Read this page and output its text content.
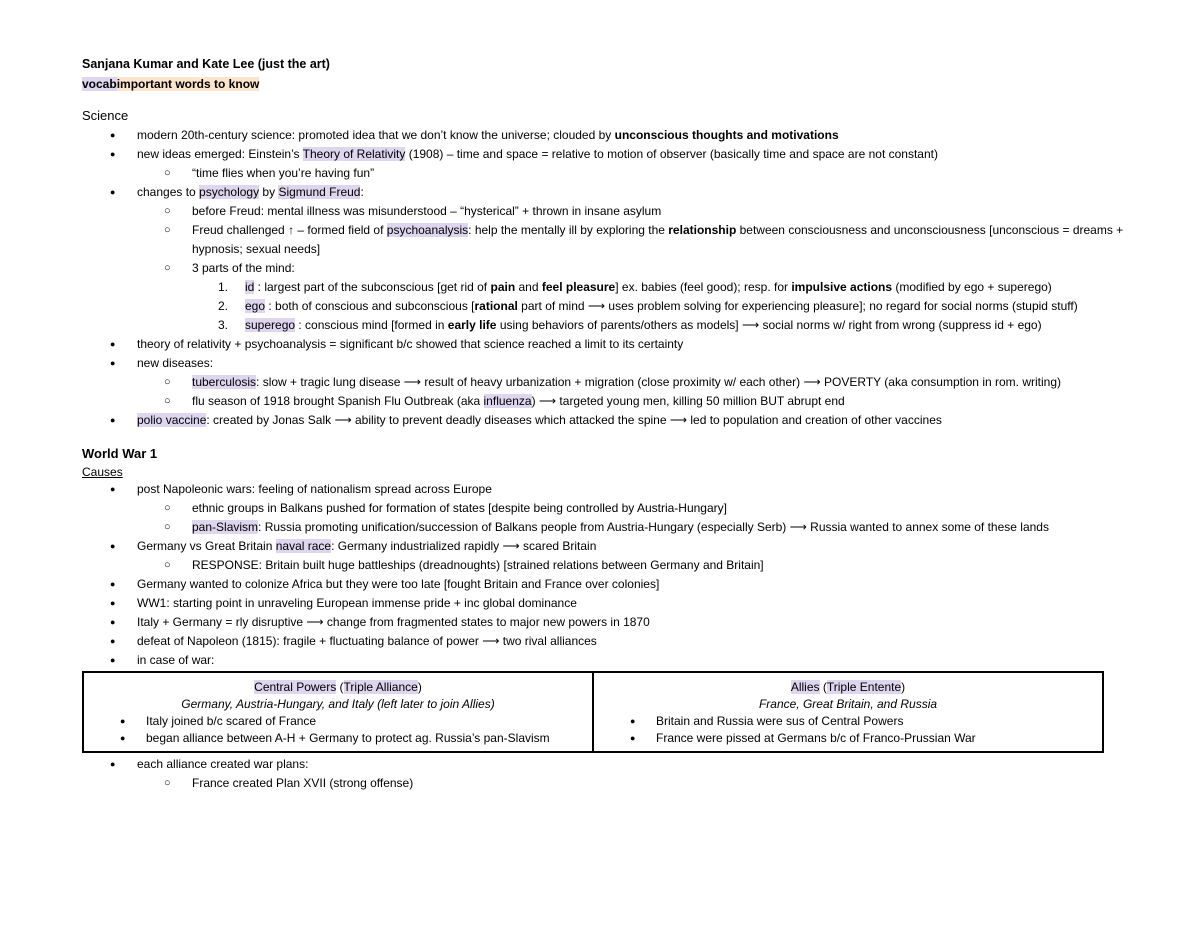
Sanjana Kumar and Kate Lee (just the art)
vocabimportant words to know
Science
● modern 20th-century science: promoted idea that we don’t know the universe; clouded by unconscious thoughts and motivations
● new ideas emerged: Einstein’s Theory of Relativity (1908) – time and space = relative to motion of observer (basically time and space are not constant)
○ “time flies when you’re having fun”
● changes to psychology by Sigmund Freud:
○ before Freud: mental illness was misunderstood – “hysterical” + thrown in insane asylum
○ Freud challenged ↑ – formed field of psychoanalysis: help the mentally ill by exploring the relationship between consciousness and unconsciousness [unconscious = dreams + hypnosis; sexual needs]
○ 3 parts of the mind:
1. id : largest part of the subconscious [get rid of pain and feel pleasure] ex. babies (feel good); resp. for impulsive actions (modified by ego + superego)
2. ego : both of conscious and subconscious [rational part of mind ⟶ uses problem solving for experiencing pleasure]; no regard for social norms (stupid stuff)
3. superego : conscious mind [formed in early life using behaviors of parents/others as models] ⟶ social norms w/ right from wrong (suppress id + ego)
● theory of relativity + psychoanalysis = significant b/c showed that science reached a limit to its certainty
● new diseases:
○ tuberculosis: slow + tragic lung disease ⟶ result of heavy urbanization + migration (close proximity w/ each other) ⟶ POVERTY (aka consumption in rom. writing)
○ flu season of 1918 brought Spanish Flu Outbreak (aka influenza) ⟶ targeted young men, killing 50 million BUT abrupt end
● polio vaccine: created by Jonas Salk ⟶ ability to prevent deadly diseases which attacked the spine ⟶ led to population and creation of other vaccines
World War 1
Causes
● post Napoleonic wars: feeling of nationalism spread across Europe
○ ethnic groups in Balkans pushed for formation of states [despite being controlled by Austria-Hungary]
○ pan-Slavism: Russia promoting unification/succession of Balkans people from Austria-Hungary (especially Serb) ⟶ Russia wanted to annex some of these lands
● Germany vs Great Britain naval race: Germany industrialized rapidly ⟶ scared Britain
○ RESPONSE: Britain built huge battleships (dreadnoughts) [strained relations between Germany and Britain]
● Germany wanted to colonize Africa but they were too late [fought Britain and France over colonies]
● WW1: starting point in unraveling European immense pride + inc global dominance
● Italy + Germany = rly disruptive ⟶ change from fragmented states to major new powers in 1870
● defeat of Napoleon (1815): fragile + fluctuating balance of power ⟶ two rival alliances
● in case of war:
Central Powers (Triple Alliance)
Germany, Austria-Hungary, and Italy (left later to join Allies)
● Italy joined b/c scared of France
● began alliance between A-H + Germany to protect ag. Russia’s pan-Slavism

Allies (Triple Entente)
France, Great Britain, and Russia
● Britain and Russia were sus of Central Powers
● France were pissed at Germans b/c of Franco-Prussian War
● each alliance created war plans:
○ France created Plan XVII (strong offense)
